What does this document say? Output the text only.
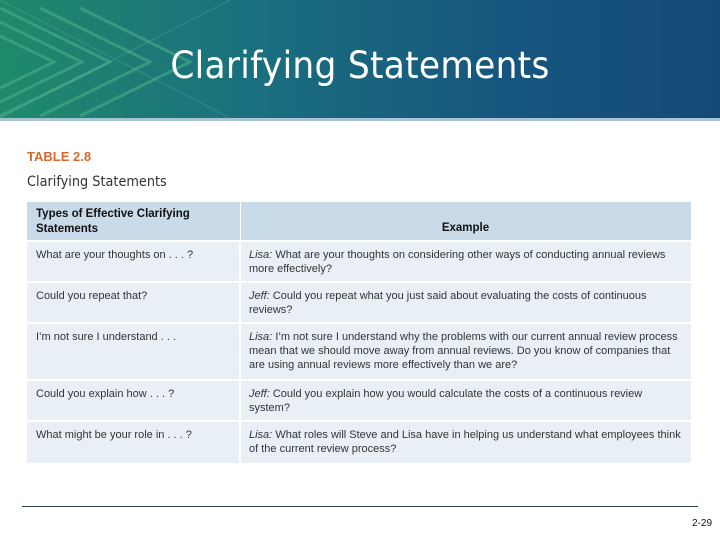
Clarifying Statements
TABLE 2.8
Clarifying Statements
Types of Effective Clarifying Statements	Example
What are your thoughts on . . . ?	Lisa: What are your thoughts on considering other ways of conducting annual reviews more effectively?
Could you repeat that?	Jeff: Could you repeat what you just said about evaluating the costs of continuous reviews?
I’m not sure I understand . . .	Lisa: I’m not sure I understand why the problems with our current annual review process mean that we should move away from annual reviews. Do you know of companies that are using annual reviews more effectively than we are?
Could you explain how . . . ?	Jeff: Could you explain how you would calculate the costs of a continuous review system?
What might be your role in . . . ?	Lisa: What roles will Steve and Lisa have in helping us understand what employees think of the current review process?
2-29
